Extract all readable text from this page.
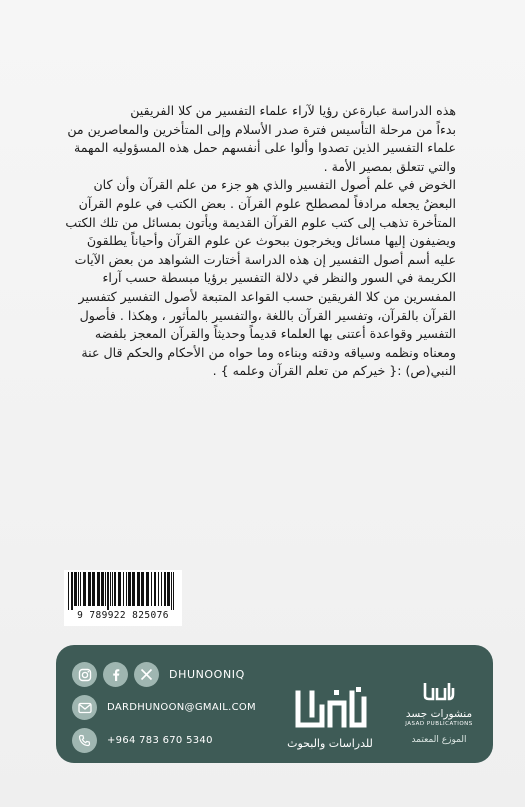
هذه الدراسة عبارةعن رؤيا لآراء علماء التفسير من كلا الفريقين

بدءاً من مرحلة التأسيس فترة صدر الأسلام وإلى المتأخرين والمعاصرين من علماء التفسير الذين تصدوا وألوا على أنفسهم حمل هذه المسؤوليه المهمة والتي تتعلق بمصير الأمة .

الخوض في علم أصول التفسير والذي هو جزء من علم القرآن وأن كان البعضُ يجعله مرادفاً لمصطلح علوم القرآن . بعض الكتب في علوم القرآن المتأخرة تذهب إلى كتب علوم القرآن القديمة ويأتون بمسائل من تلك الكتب ويضيفون إليها مسائل ويخرجون ببحوث عن علوم القرآن وأحياناً يطلقونَ عليه أسم أصول التفسير إن هذه الدراسة أختارت الشواهد من بعض الآيات الكريمة في السور والنظر في دلالة التفسير برؤيا مبسطة حسب آراء المفسرين من كلا الفريقين حسب القواعد المتبعة لأصول التفسير كتفسير القرآن بالقرآن، وتفسير القرآن باللغة ،والتفسير بالمأثور ، وهكذا . فأصول التفسير وقواعدة أعتنى بها العلماء قديماً وحديثاً والقرآن المعجز بلفضه ومعناه ونظمه وسياقه ودقته وبناءه وما حواه من الأحكام والحكم قال عنة النبي(ص) :{ خيركم من تعلم القرآن وعلمه } .

9 789922 825076
DHUNOONIQ
DARDHUNOON@GMAIL.COM
+964 783 670 5340	للدراسات والبحوث
منشورات جسد
JASAD PUBLICATIONS
الموزع المعتمد
